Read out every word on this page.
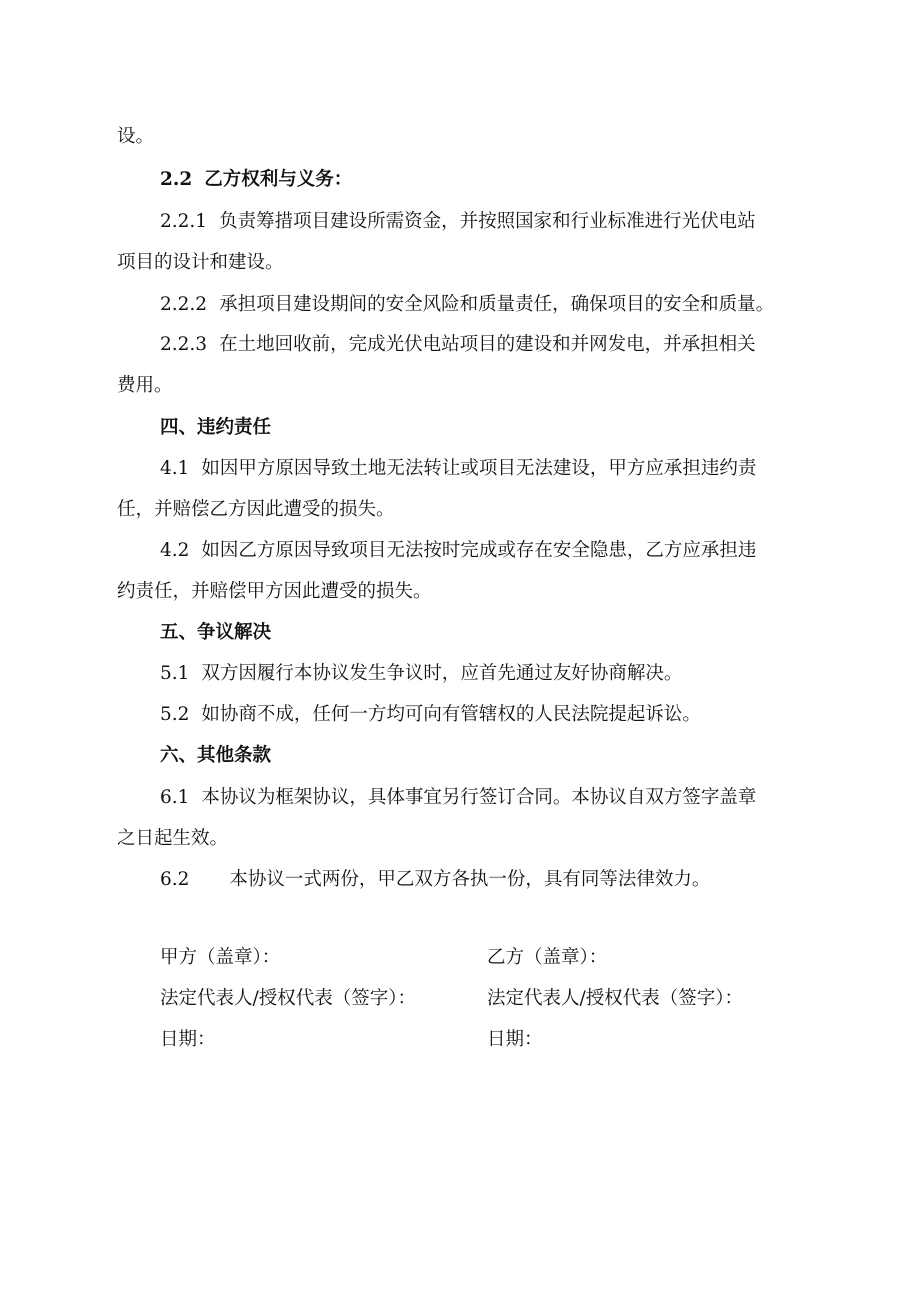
设。
2.2 乙方权利与义务：
2.2.1 负责筹措项目建设所需资金，并按照国家和行业标准进行光伏电站
项目的设计和建设。
2.2.2 承担项目建设期间的安全风险和质量责任，确保项目的安全和质量。
2.2.3 在土地回收前，完成光伏电站项目的建设和并网发电，并承担相关
费用。
四、违约责任
4.1 如因甲方原因导致土地无法转让或项目无法建设，甲方应承担违约责
任，并赔偿乙方因此遭受的损失。
4.2 如因乙方原因导致项目无法按时完成或存在安全隐患，乙方应承担违
约责任，并赔偿甲方因此遭受的损失。
五、争议解决
5.1 双方因履行本协议发生争议时，应首先通过友好协商解决。
5.2 如协商不成，任何一方均可向有管辖权的人民法院提起诉讼。
六、其他条款
6.1 本协议为框架协议，具体事宜另行签订合同。本协议自双方签字盖章
之日起生效。
6.2 本协议一式两份，甲乙双方各执一份，具有同等法律效力。
甲方（盖章）：	乙方（盖章）：
法定代表人/授权代表（签字）：	法定代表人/授权代表（签字）：
日期：	日期：
